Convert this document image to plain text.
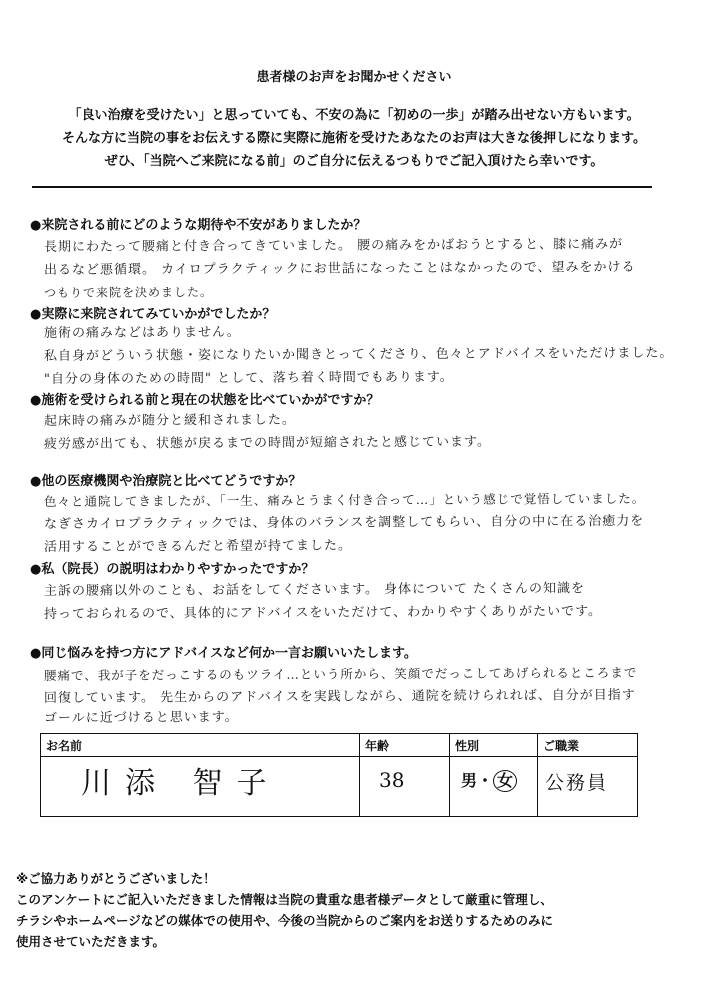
患者様のお声をお聞かせください

「良い治療を受けたい」と思っていても、不安の為に「初めの一歩」が踏み出せない方もいます。

そんな方に当院の事をお伝えする際に実際に施術を受けたあなたのお声は大きな後押しになります。

ぜひ、「当院へご来院になる前」のご自分に伝えるつもりでご記入頂けたら幸いです。

●来院される前にどのような期待や不安がありましたか？

長期にわたって腰痛と付き合ってきていました。 腰の痛みをかばおうとすると、膝に痛みが

出るなど悪循環。 カイロプラクティックにお世話になったことはなかったので、望みをかける

つもりで来院を決めました。

●実際に来院されてみていかがでしたか？

施術の痛みなどはありません。

私自身がどういう状態・姿になりたいか聞きとってくださり、色々とアドバイスをいただけました。

"自分の身体のための時間" として、落ち着く時間でもあります。

●施術を受けられる前と現在の状態を比べていかがですか？

起床時の痛みが随分と緩和されました。

疲労感が出ても、状態が戻るまでの時間が短縮されたと感じています。

●他の医療機関や治療院と比べてどうですか？

色々と通院してきましたが、「一生、痛みとうまく付き合って…」という感じで覚悟していました。

なぎさカイロプラクティックでは、身体のバランスを調整してもらい、自分の中に在る治癒力を

活用することができるんだと希望が持てました。

●私（院長）の説明はわかりやすかったですか？

主訴の腰痛以外のことも、お話をしてくださいます。 身体について たくさんの知識を

持っておられるので、具体的にアドバイスをいただけて、わかりやすくありがたいです。

●同じ悩みを持つ方にアドバイスなど何か一言お願いいたします。

腰痛で、我が子をだっこするのもツライ…という所から、笑顔でだっこしてあげられるところまで

回復しています。 先生からのアドバイスを実践しながら、通院を続けられれば、自分が目指す

ゴールに近づけると思います。

お名前	年齢	性別	ご職業
川添 智子	38	男・ 女 公務員

※ご協力ありがとうございました！

このアンケートにご記入いただきました情報は当院の貴重な患者様データとして厳重に管理し、

チラシやホームページなどの媒体での使用や、今後の当院からのご案内をお送りするためのみに

使用させていただきます。
